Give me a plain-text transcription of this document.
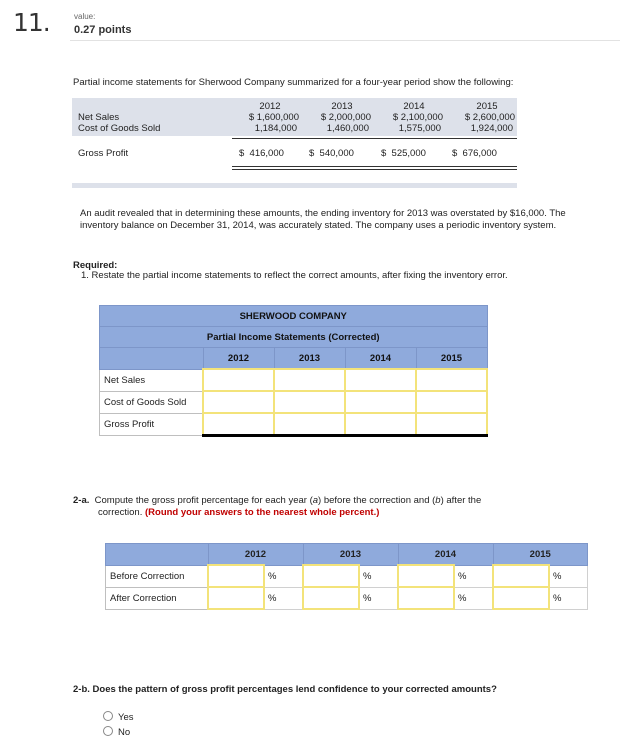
11.	value:
0.27 points
Partial income statements for Sherwood Company summarized for a four-year period show the following:
2012	2013	2014	2015
Net Sales	$ 1,600,000	$ 2,000,000	$ 2,100,000	$ 2,600,000
Cost of Goods Sold	1,184,000	1,460,000	1,575,000	1,924,000
Gross Profit	$  416,000	$  540,000	$  525,000	$  676,000
An audit revealed that in determining these amounts, the ending inventory for 2013 was overstated by $16,000. The inventory balance on December 31, 2014, was accurately stated. The company uses a periodic inventory system.
Required:
1. Restate the partial income statements to reflect the correct amounts, after fixing the inventory error.
SHERWOOD COMPANY				
Partial Income Statements (Corrected)				
	2012	2013	2014	2015
Net Sales				
Cost of Goods Sold				
Gross Profit				
2-a. Compute the gross profit percentage for each year (a) before the correction and (b) after the
correction. (Round your answers to the nearest whole percent.)
	2012		2013		2014		2015	
Before Correction		%		%		%		%
After Correction		%		%		%		%
2-b. Does the pattern of gross profit percentages lend confidence to your corrected amounts?
Yes
No
